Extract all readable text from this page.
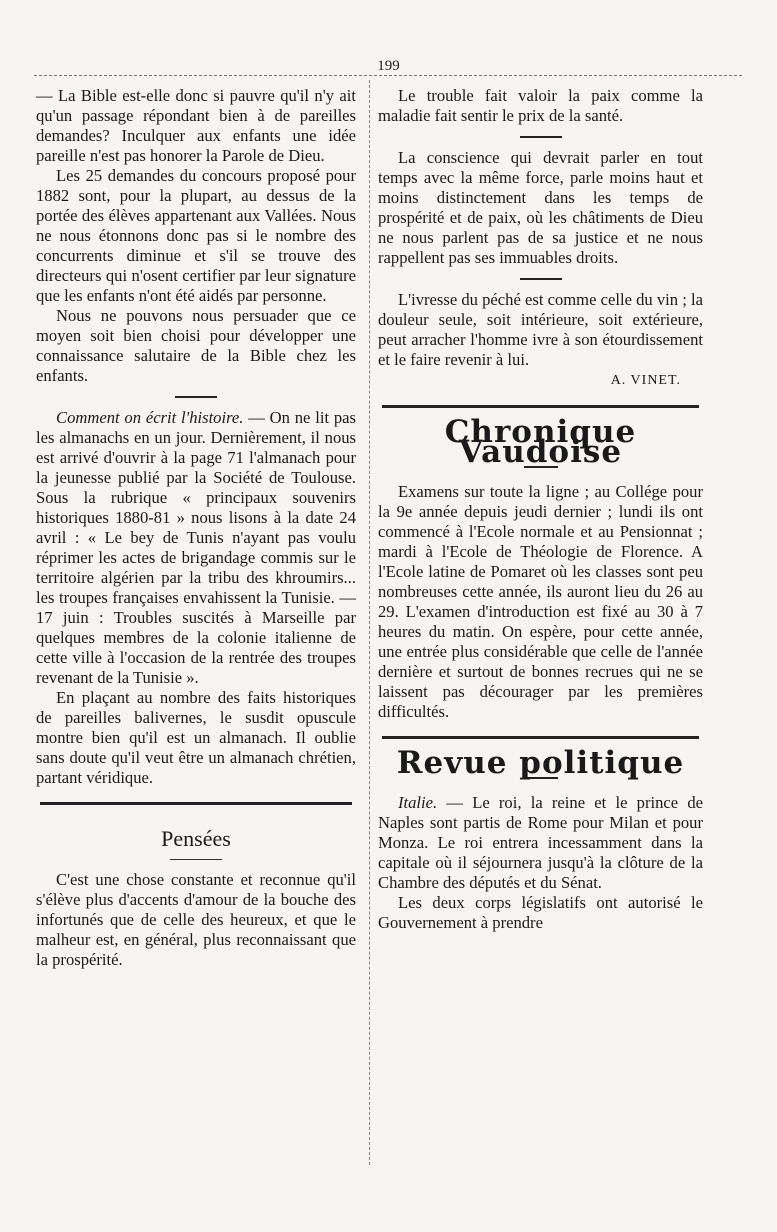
199

— La Bible est-elle donc si pauvre qu'il n'y ait qu'un passage répondant bien à de pareilles demandes? Inculquer aux enfants une idée pareille n'est pas honorer la Parole de Dieu.

Les 25 demandes du concours proposé pour 1882 sont, pour la plupart, au dessus de la portée des élèves appartenant aux Vallées. Nous ne nous étonnons donc pas si le nombre des concurrents diminue et s'il se trouve des directeurs qui n'osent certifier par leur signature que les enfants n'ont été aidés par personne.

Nous ne pouvons nous persuader que ce moyen soit bien choisi pour développer une connaissance salutaire de la Bible chez les enfants.

Comment on écrit l'histoire. — On ne lit pas les almanachs en un jour. Dernièrement, il nous est arrivé d'ouvrir à la page 71 l'almanach pour la jeunesse publié par la Société de Toulouse. Sous la rubrique « principaux souvenirs historiques 1880-81 » nous lisons à la date 24 avril : « Le bey de Tunis n'ayant pas voulu réprimer les actes de brigandage commis sur le territoire algérien par la tribu des khroumirs... les troupes françaises envahissent la Tunisie. — 17 juin : Troubles suscités à Marseille par quelques membres de la colonie italienne de cette ville à l'occasion de la rentrée des troupes revenant de la Tunisie ».

En plaçant au nombre des faits historiques de pareilles balivernes, le susdit opuscule montre bien qu'il est un almanach. Il oublie sans doute qu'il veut être un almanach chrétien, partant véridique.

Pensées

C'est une chose constante et reconnue qu'il s'élève plus d'accents d'amour de la bouche des infortunés que de celle des heureux, et que le malheur est, en général, plus reconnaissant que la prospérité.

Le trouble fait valoir la paix comme la maladie fait sentir le prix de la santé.

La conscience qui devrait parler en tout temps avec la même force, parle moins haut et moins distinctement dans les temps de prospérité et de paix, où les châtiments de Dieu ne nous parlent pas de sa justice et ne nous rappellent pas ses immuables droits.

L'ivresse du péché est comme celle du vin ; la douleur seule, soit intérieure, soit extérieure, peut arracher l'homme ivre à son étourdissement et le faire revenir à lui.

A. VINET.
Chronique Vaudoise

Examens sur toute la ligne ; au Collége pour la 9e année depuis jeudi dernier ; lundi ils ont commencé à l'Ecole normale et au Pensionnat ; mardi à l'Ecole de Théologie de Florence. A l'Ecole latine de Pomaret où les classes sont peu nombreuses cette année, ils auront lieu du 26 au 29. L'examen d'introduction est fixé au 30 à 7 heures du matin. On espère, pour cette année, une entrée plus considérable que celle de l'année dernière et surtout de bonnes recrues qui ne se laissent pas décourager par les premières difficultés.

Revue politique

Italie. — Le roi, la reine et le prince de Naples sont partis de Rome pour Milan et pour Monza. Le roi entrera incessamment dans la capitale où il séjournera jusqu'à la clôture de la Chambre des députés et du Sénat.

Les deux corps législatifs ont autorisé le Gouvernement à prendre
